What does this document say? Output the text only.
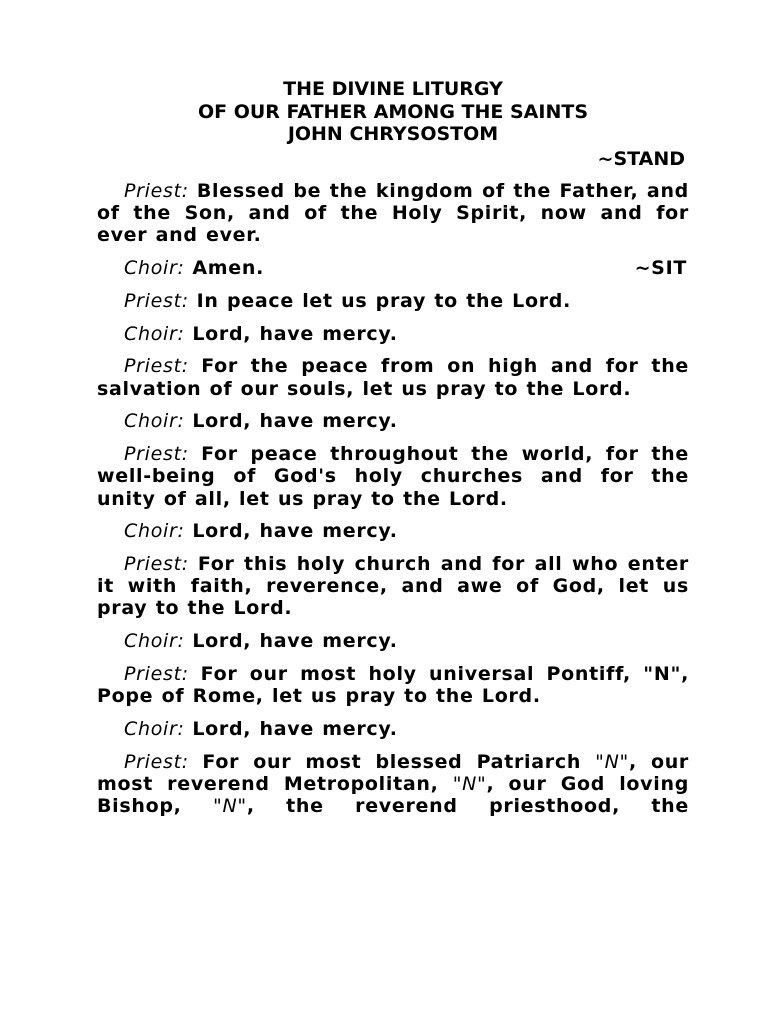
THE DIVINE LITURGY

OF OUR FATHER AMONG THE SAINTS

JOHN CHRYSOSTOM

~STAND

Priest: Blessed be the kingdom of the Father, and of the Son, and of the Holy Spirit, now and for ever and ever.

~SIT
Choir: Amen.

Priest: In peace let us pray to the Lord.

Choir: Lord, have mercy.

Priest: For the peace from on high and for the salvation of our souls, let us pray to the Lord.

Choir: Lord, have mercy.

Priest: For peace throughout the world, for the well-being of God's holy churches and for the unity of all, let us pray to the Lord.

Choir: Lord, have mercy.

Priest: For this holy church and for all who enter it with faith, reverence, and awe of God, let us pray to the Lord.

Choir: Lord, have mercy.

Priest: For our most holy universal Pontiff, "N", Pope of Rome, let us pray to the Lord.

Choir: Lord, have mercy.

Priest: For our most blessed Patriarch "N", our most reverend Metropolitan, "N", our God loving Bishop, "N", the reverend priesthood, the
